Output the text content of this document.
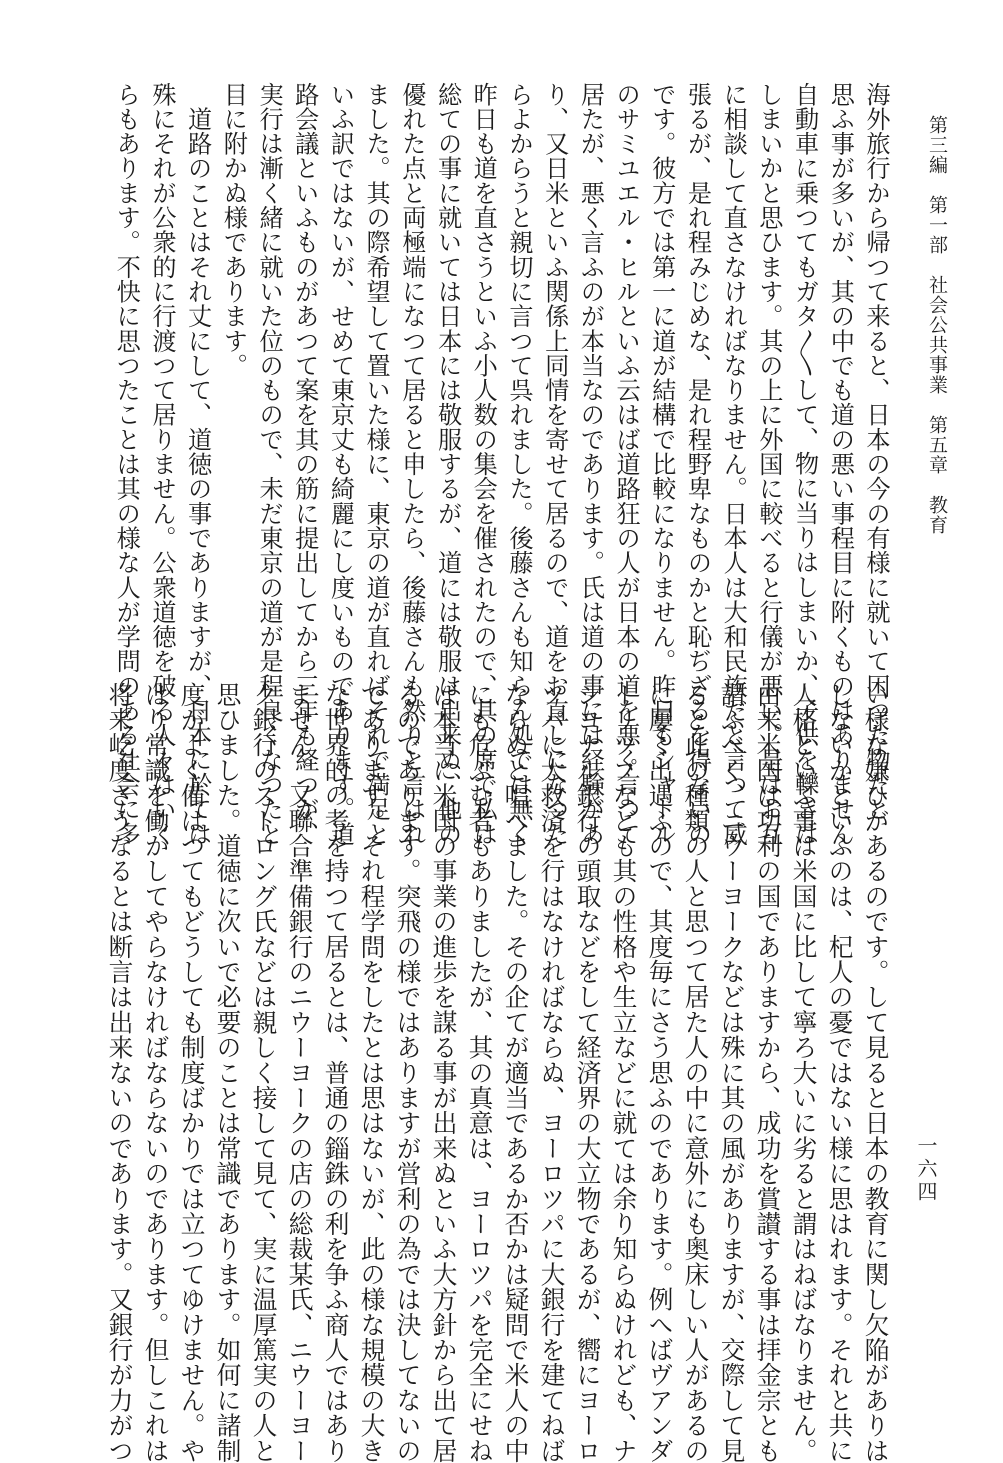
第三編　第一部　社会公共事業　第五章　教育
海外旅行から帰つて来ると、日本の今の有様に就いて困つた物だと
思ふ事が多いが、其の中でも道の悪い事程目に附くものはありません
自動車に乗つてもガタ〳〵して、物に当りはしまいか、子供を轢きは
しまいかと思ひます。其の上に外国に較べると行儀が悪い。是はお互
に相談して直さなければなりません。日本人は大和民族だと言つて威
張るが、是れ程みじめな、是れ程野卑なものかと恥ぢざるを得ないの
です。彼方では第一に道が結構で比較になりません。昨日もシャトル
のサミユエル・ヒルといふ云はば道路狂の人が日本の道を悪く言つて
居たが、悪く言ふのが本当なのであります。氏は道の事には経験があ
り、又日米といふ関係上同情を寄せて居るので、道をお直しになつた
らよからうと親切に言つて呉れました。後藤さんも知らん処では無く
昨日も道を直さうといふ小人数の集会を催されたので、其の席で私は
総ての事に就いては日本には敬服するが、道には敬服は出来ぬ、他の
優れた点と両極端になつて居ると申したら、後藤さんも然りと言はれ
ました。其の際希望して置いた様に、東京の道が直ればそれで満足と
いふ訳ではないが、せめて東京丈も綺麗にし度いものであります。道
路会議といふものがあつて案を其の筋に提出してから三年も経つが、
実行は漸く緒に就いた位のもので、未だ東京の道が是程良くなつたと
目に附かぬ様であります。
　道路のことはそれ丈にして、道徳の事でありますが、日本に於ては
殊にそれが公衆的に行渡つて居りません。公衆道徳を破る人々はいく
らもあります。不快に思つたことは其の様な人が学問のある社会に多
い様な嫌ひがあるのです。して見ると日本の教育に関し欠陥がありは
しないかといふのは、杞人の憂ではない様に思はれます。それと共に
人格といふ事は米国に比して寧ろ大いに劣ると謂はねばなりません。
由来米国は功利の国でありますから、成功を賞讃する事は拝金宗とも
謂ふべく、ニウーヨークなどは殊に其の風がありますが、交際して見
ると此の種類の人と思つて居た人の中に意外にも奥床しい人があるの
に屢〻出遇ふので、其度毎にさう思ふのであります。例へばヴアンダ
ーリツプなども其の性格や生立などに就ては余り知らぬけれども、ナ
シヨナル銀行の頭取などをして経済界の大立物であるが、嚮にヨーロ
ツパに大救済を行はなければならぬ、ヨーロツパに大銀行を建てねば
ならぬと唱へました。その企てが適当であるか否かは疑問で米人の中
にも危ぶむ者もありましたが、其の真意は、ヨーロツパを完全にせね
ば本当に米国の事業の進歩を謀る事が出来ぬといふ大方針から出て居
るのであります。突飛の様ではありますが営利の為では決してないの
であります。それ程学問をしたとは思はないが、此の様な規模の大き
な世界的の考を持つて居るとは、普通の錙銖の利を争ふ商人ではあり
ません。又聯合準備銀行のニウーヨークの店の総裁某氏、ニウーヨー
ク銀行のストロング氏などは親しく接して見て、実に温厚篤実の人と
思ひました。道徳に次いで必要のことは常識であります。如何に諸制
度がよく備はつてもどうしても制度ばかりでは立つてゆけません。や
はり常識を働かしてやらなければならないのであります。但しこれは
将来屹度さうなるとは断言は出来ないのであります。又銀行が力がつ	一六四
